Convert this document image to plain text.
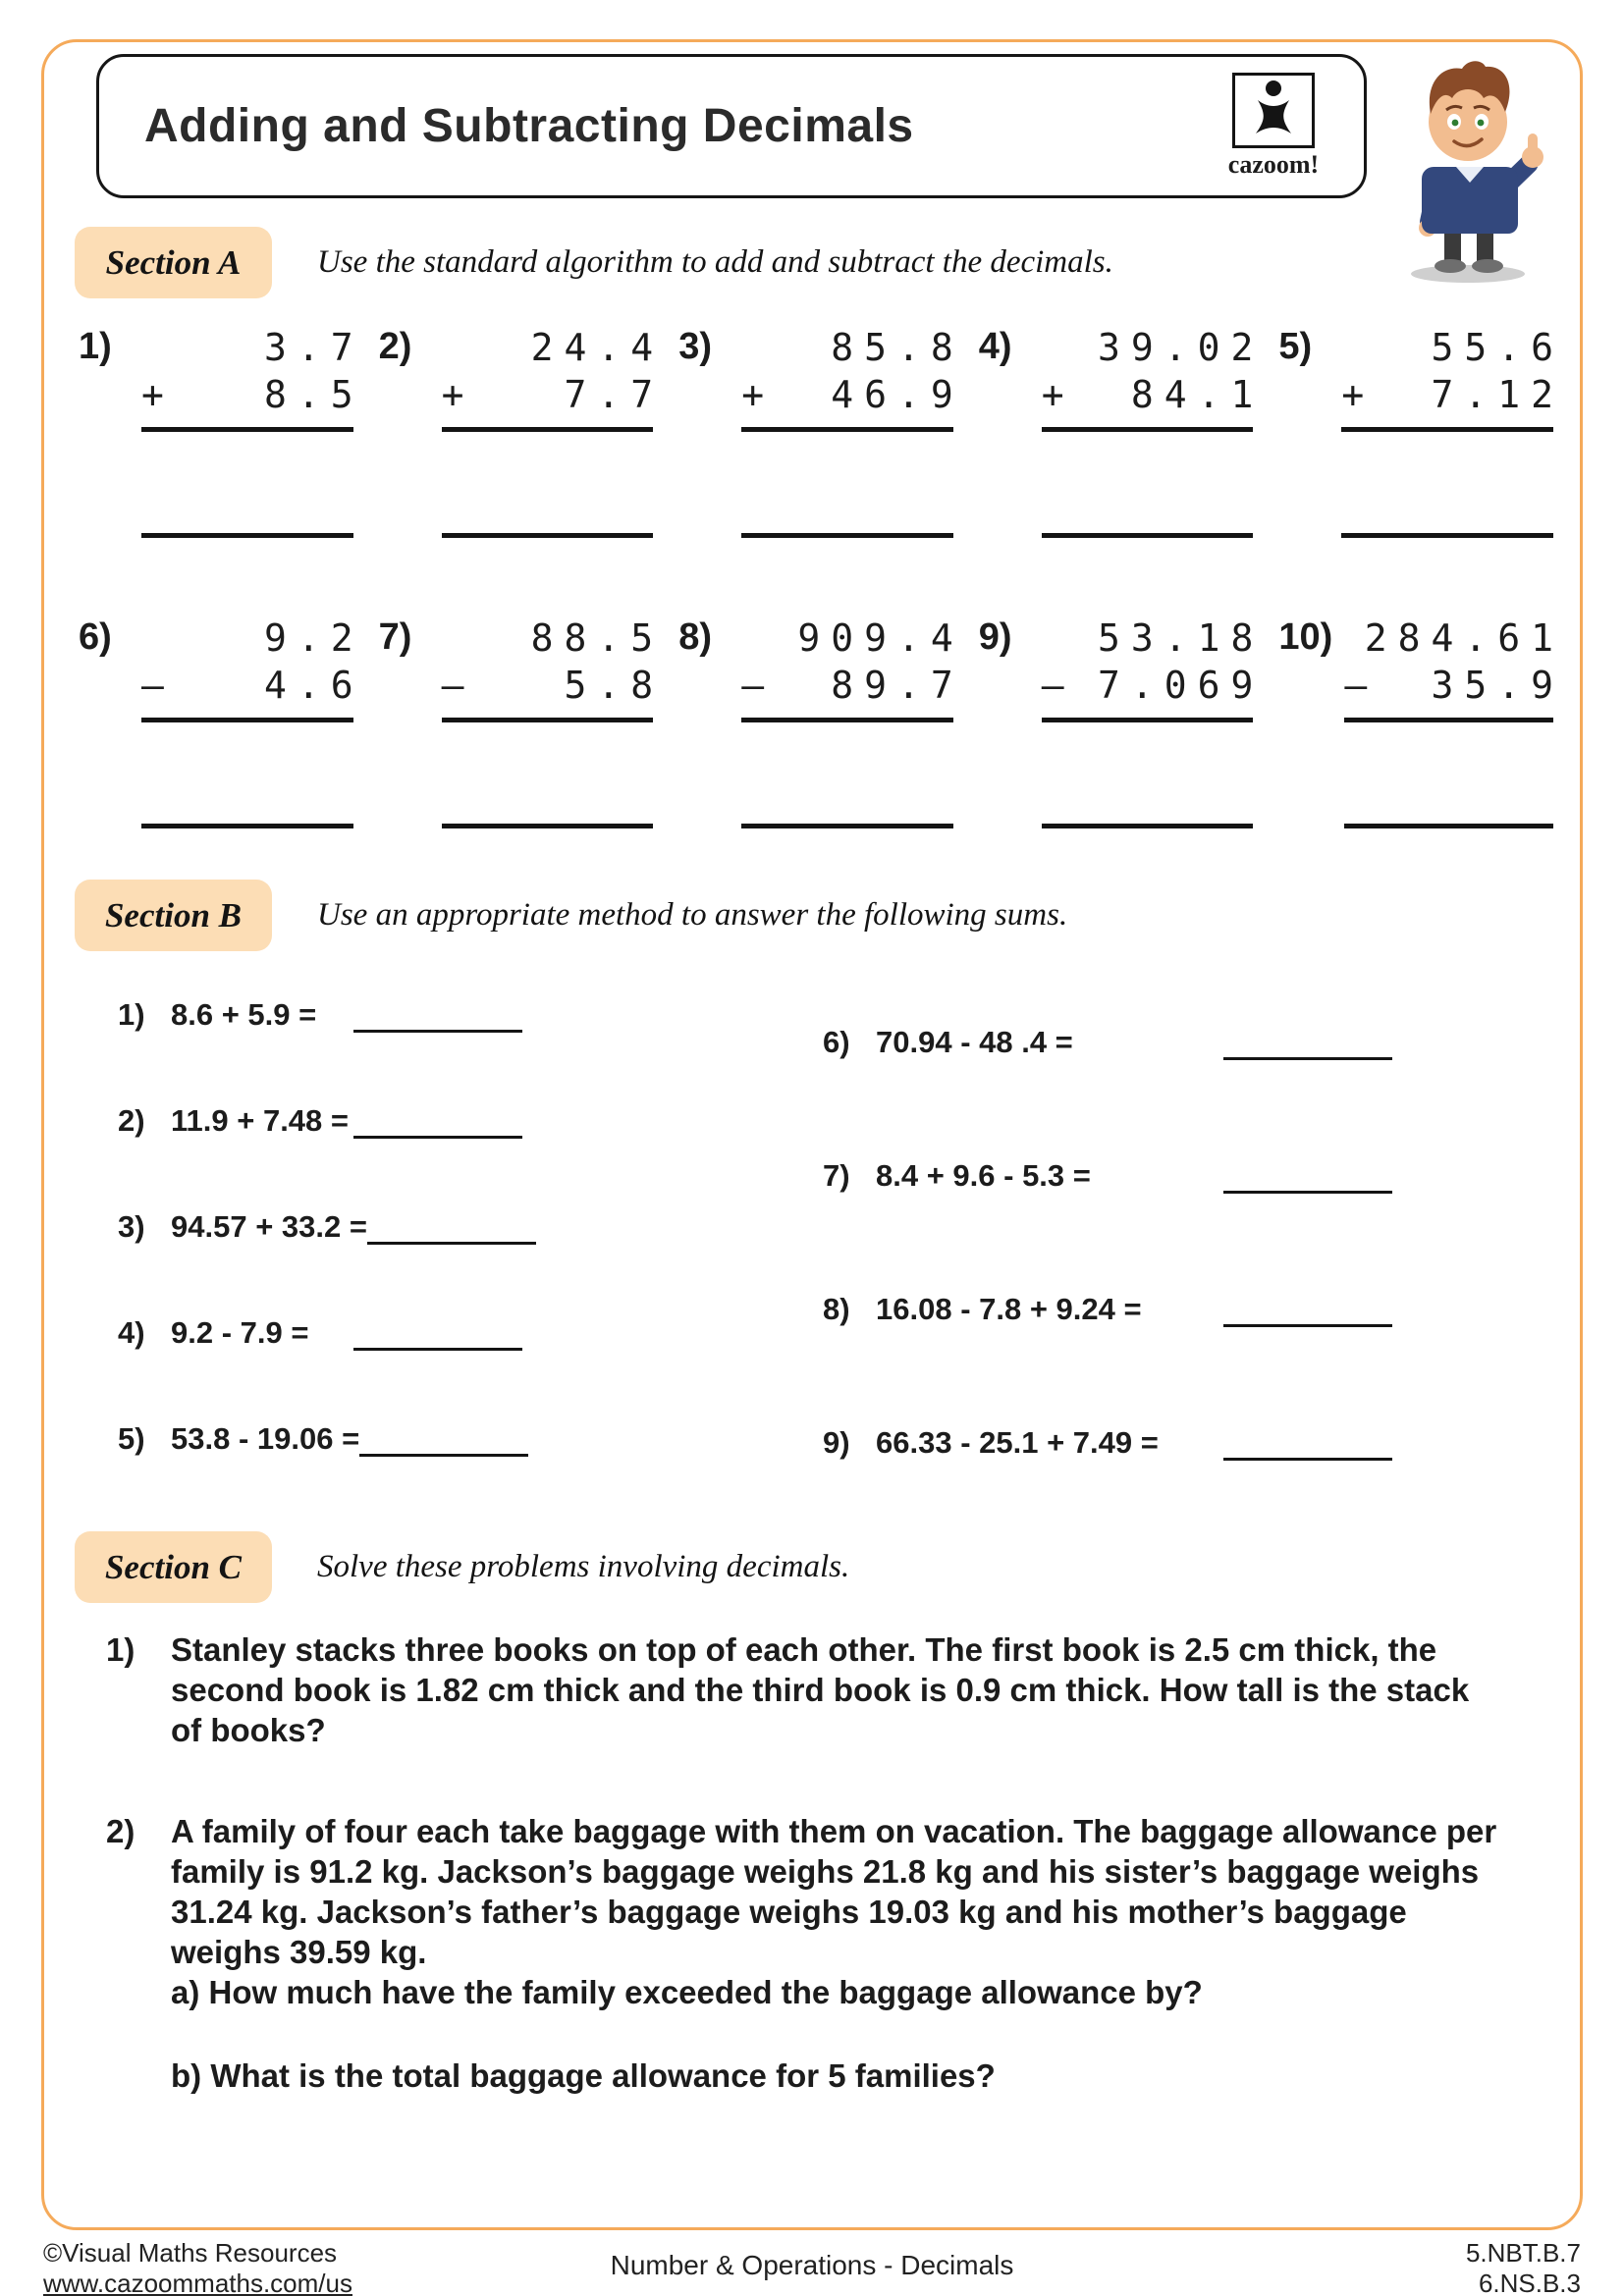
Adding and Subtracting Decimals
cazoom!
Section A	Use the standard algorithm to add and subtract the decimals.
1)	3.7
+ 8.5
2)	24.4
+ 7.7
3)	85.8
+ 46.9
4)	39.02
+ 84.1
5)	55.6
+ 7.12
6)	9.2
– 4.6
7)	88.5
– 5.8
8)	909.4
– 89.7
9)	53.18
– 7.069
10) 284.61
– 35.9
Section B	Use an appropriate method to answer the following sums.
1) 8.6 + 5.9 =
2) 11.9 + 7.48 =
3) 94.57 + 33.2 =
4) 9.2 - 7.9 =
5) 53.8 - 19.06 =
6) 70.94 - 48 .4 =
7) 8.4 + 9.6 - 5.3 =
8) 16.08 - 7.8 + 9.24 =
9) 66.33 - 25.1 + 7.49 =
Section C	Solve these problems involving decimals.
1)	Stanley stacks three books on top of each other. The first book is 2.5 cm thick, the second book is 1.82 cm thick and the third book is 0.9 cm thick. How tall is the stack of books?
2)	A family of four each take baggage with them on vacation. The baggage allowance per family is 91.2 kg. Jackson’s baggage weighs 21.8 kg and his sister’s baggage weighs 31.24 kg. Jackson’s father’s baggage weighs 19.03 kg and his mother’s baggage weighs 39.59 kg.
a) How much have the family exceeded the baggage allowance by?
b) What is the total baggage allowance for 5 families?
©Visual Maths Resources
www.cazoommaths.com/us
Number & Operations - Decimals	5.NBT.B.7
6.NS.B.3
